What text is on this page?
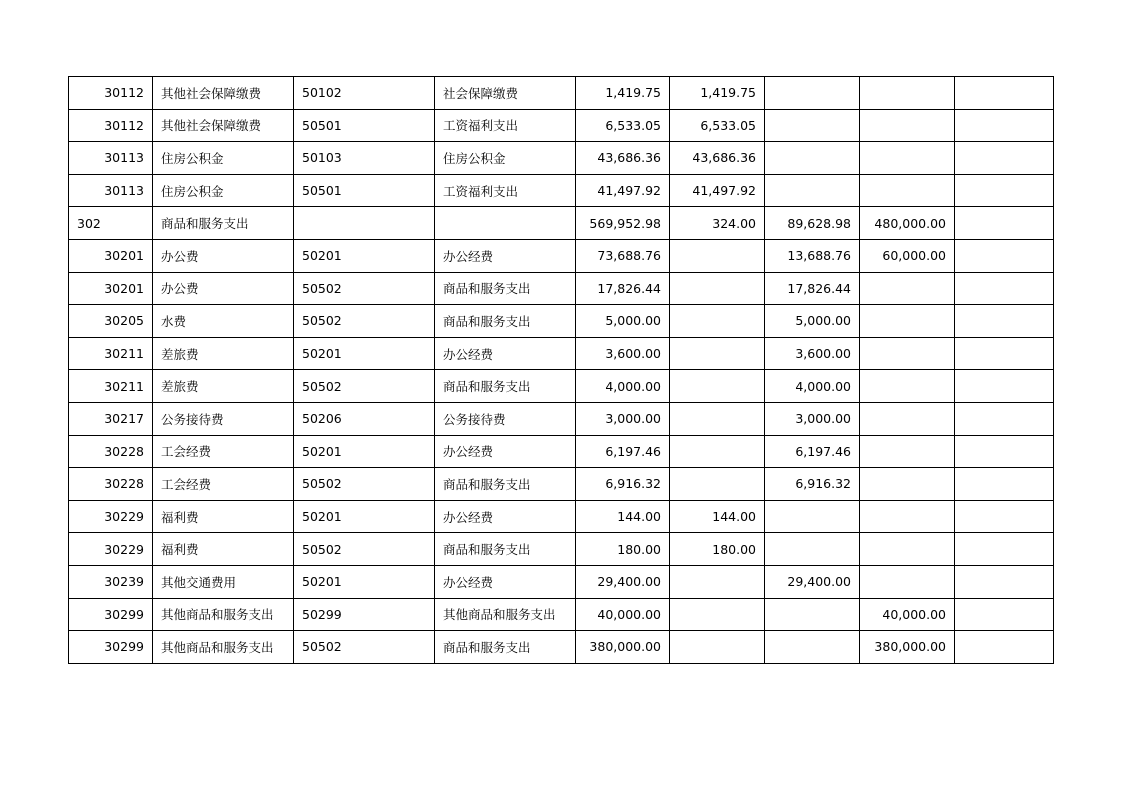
30112	其他社会保障缴费	50102	社会保障缴费	1,419.75	1,419.75			
30112	其他社会保障缴费	50501	工资福利支出	6,533.05	6,533.05			
30113	住房公积金	50103	住房公积金	43,686.36	43,686.36			
30113	住房公积金	50501	工资福利支出	41,497.92	41,497.92			
302	商品和服务支出			569,952.98	324.00	89,628.98	480,000.00	
30201	办公费	50201	办公经费	73,688.76		13,688.76	60,000.00	
30201	办公费	50502	商品和服务支出	17,826.44		17,826.44		
30205	水费	50502	商品和服务支出	5,000.00		5,000.00		
30211	差旅费	50201	办公经费	3,600.00		3,600.00		
30211	差旅费	50502	商品和服务支出	4,000.00		4,000.00		
30217	公务接待费	50206	公务接待费	3,000.00		3,000.00		
30228	工会经费	50201	办公经费	6,197.46		6,197.46		
30228	工会经费	50502	商品和服务支出	6,916.32		6,916.32		
30229	福利费	50201	办公经费	144.00	144.00			
30229	福利费	50502	商品和服务支出	180.00	180.00			
30239	其他交通费用	50201	办公经费	29,400.00		29,400.00		
30299	其他商品和服务支出	50299	其他商品和服务支出	40,000.00			40,000.00	
30299	其他商品和服务支出	50502	商品和服务支出	380,000.00			380,000.00	
